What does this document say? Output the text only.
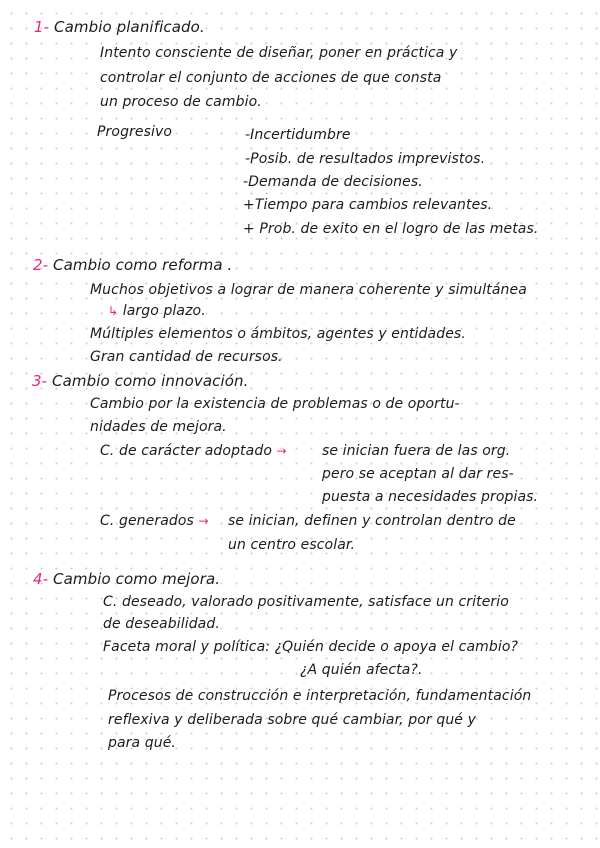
1- Cambio planificado.
Intento consciente de diseñar, poner en práctica y
controlar el conjunto de acciones de que consta
un proceso de cambio.
Progresivo	-Incertidumbre
-Posib. de resultados imprevistos.
-Demanda de decisiones.
+Tiempo para cambios relevantes.
+ Prob. de exito en el logro de las metas.
2- Cambio como reforma .
Muchos objetivos a lograr de manera coherente y simultánea
↳ largo plazo.
Múltiples elementos o ámbitos, agentes y entidades.
Gran cantidad de recursos.
3- Cambio como innovación.
Cambio por la existencia de problemas o de oportu-
nidades de mejora.
C. de carácter adoptado →	se inician fuera de las org.
pero se aceptan al dar res-
puesta a necesidades propias.
C. generados → se inician, definen y controlan dentro de
un centro escolar.
4- Cambio como mejora.
C. deseado, valorado positivamente, satisface un criterio
de deseabilidad.
Faceta moral y política: ¿Quién decide o apoya el cambio?
¿A quién afecta?.
Procesos de construcción e interpretación, fundamentación
reflexiva y deliberada sobre qué cambiar, por qué y
para qué.
